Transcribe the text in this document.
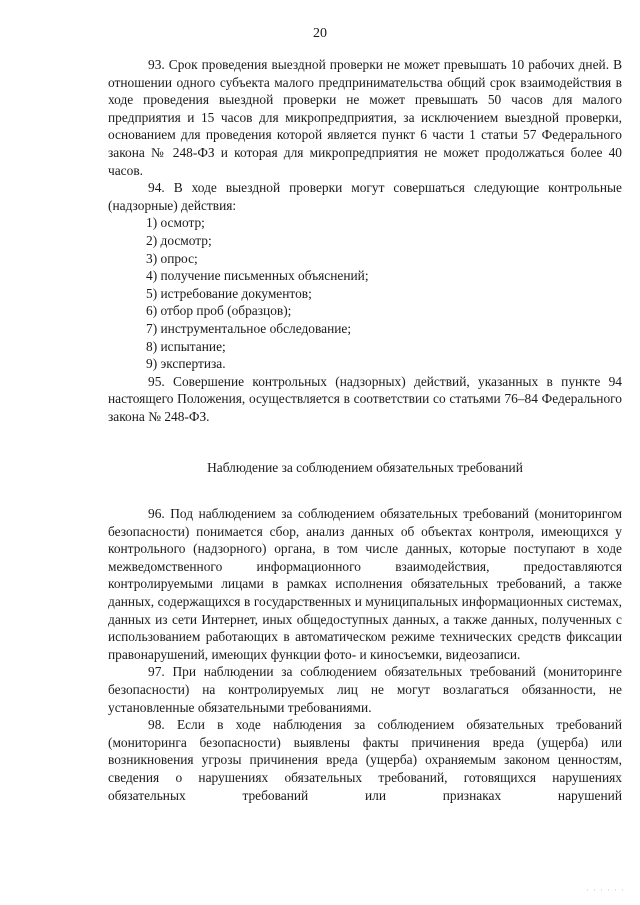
20

93. Срок проведения выездной проверки не может превышать 10 рабочих дней. В отношении одного субъекта малого предпринимательства общий срок взаимодействия в ходе проведения выездной проверки не может превышать 50 часов для малого предприятия и 15 часов для микропредприятия, за исключением выездной проверки, основанием для проведения которой является пункт 6 части 1 статьи 57 Федерального закона № 248-ФЗ и которая для микропредприятия не может продолжаться более 40 часов.

94. В ходе выездной проверки могут совершаться следующие контрольные (надзорные) действия:

1) осмотр;

2) досмотр;

3) опрос;

4) получение письменных объяснений;

5) истребование документов;

6) отбор проб (образцов);

7) инструментальное обследование;

8) испытание;

9) экспертиза.

95. Совершение контрольных (надзорных) действий, указанных в пункте 94 настоящего Положения, осуществляется в соответствии со статьями 76–84 Федерального закона № 248-ФЗ.

Наблюдение за соблюдением обязательных требований

96. Под наблюдением за соблюдением обязательных требований (мониторингом безопасности) понимается сбор, анализ данных об объектах контроля, имеющихся у контрольного (надзорного) органа, в том числе данных, которые поступают в ходе межведомственного информационного взаимодействия, предоставляются контролируемыми лицами в рамках исполнения обязательных требований, а также данных, содержащихся в государственных и муниципальных информационных системах, данных из сети Интернет, иных общедоступных данных, а также данных, полученных с использованием работающих в автоматическом режиме технических средств фиксации правонарушений, имеющих функции фото- и киносъемки, видеозаписи.

97. При наблюдении за соблюдением обязательных требований (мониторинге безопасности) на контролируемых лиц не могут возлагаться обязанности, не установленные обязательными требованиями.

98. Если в ходе наблюдения за соблюдением обязательных требований (мониторинга безопасности) выявлены факты причинения вреда (ущерба) или возникновения угрозы причинения вреда (ущерба) охраняемым законом ценностям, сведения о нарушениях обязательных требований, готовящихся нарушениях обязательных требований или признаках нарушений

· · · · · ·
